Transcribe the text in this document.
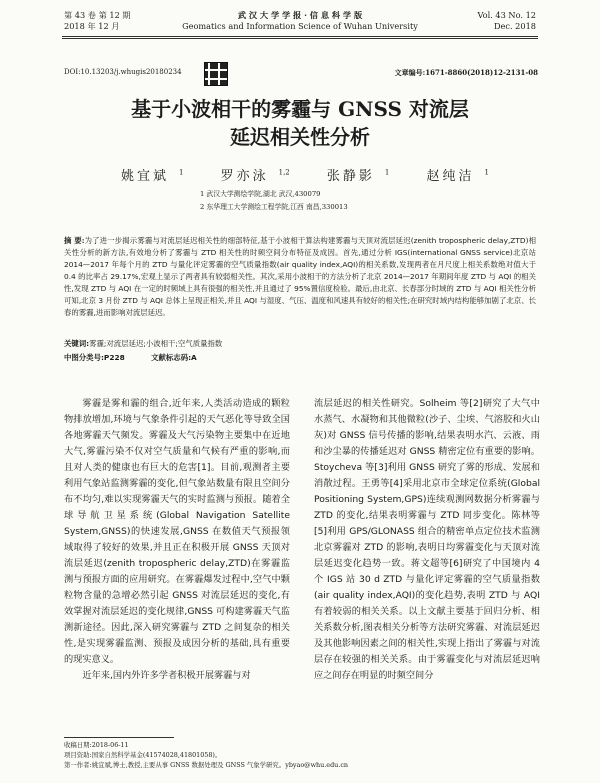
第 43 卷 第 12 期
2018 年 12 月
武 汉 大 学 学 报 · 信 息 科 学 版
Geomatics and Information Science of Wuhan University
Vol. 43 No. 12
Dec. 2018
DOI:10.13203/j.whugis20180234	文章编号:1671-8860(2018)12-2131-08
基于小波相干的雾霾与 GNSS 对流层
延迟相关性分析
姚宜斌 $^1$	罗亦泳 $^{1,2}$	张静影 $^1$	赵纯洁 $^1$
1 武汉大学测绘学院,湖北 武汉,430079
2 东华理工大学测绘工程学院,江西 南昌,330013
摘 要:为了进一步揭示雾霾与对流层延迟相关性的细部特征,基于小波相干算法构建雾霾与天顶对流层延迟(zenith tropospheric delay,ZTD)相关性分析的新方法,有效地分析了雾霾与 ZTD 相关性的时频空间分布特征及成因。首先,通过分析 IGS(international GNSS service)北京站 2014—2017 年每个月的 ZTD 与量化评定雾霾的空气质量指数(air quality index,AQI)的相关系数,发现两者在月尺度上相关系数绝对值大于 0.4 的比率占 29.17%,宏观上显示了两者具有较弱相关性。其次,采用小波相干的方法分析了北京 2014—2017 年期间年度 ZTD 与 AQI 的相关性,发现 ZTD 与 AQI 在一定的时频域上具有很强的相关性,并且通过了 95%置信度检验。最后,由北京、长春部分时域的 ZTD 与 AQI 相关性分析可知,北京 3 月份 ZTD 与 AQI 总体上呈现正相关,并且 AQI 与湿度、气压、温度和风速具有较好的相关性;在研究时域内结构能够加剧了北京、长春的雾霾,进而影响对流层延迟。
关键词:雾霾;对流层延迟;小波相干;空气质量指数
中图分类号:P228	文献标志码:A

雾霾是雾和霾的组合,近年来,人类活动造成的颗粒物排放增加,环境与气象条件引起的天气恶化等导致全国各地雾霾天气频发。雾霾及大气污染物主要集中在近地大气,雾霾污染不仅对空气质量和气候有严重的影响,而且对人类的健康也有巨大的危害[1]。目前,观测者主要利用气象站监测雾霾的变化,但气象站数量有限且空间分布不均匀,难以实现雾霾天气的实时监测与预报。随着全球导航卫星系统(Global Navigation Satellite System,GNSS)的快速发展,GNSS 在数值天气预报领域取得了较好的效果,并且正在积极开展 GNSS 天顶对流层延迟(zenith tropospheric delay,ZTD)在雾霾监测与预报方面的应用研究。在雾霾爆发过程中,空气中颗粒物含量的急增必然引起 GNSS 对流层延迟的变化,有效掌握对流层延迟的变化规律,GNSS 可构建雾霾天气监测新途径。因此,深入研究雾霾与 ZTD 之间复杂的相关性,是实现雾霾监测、预报及成因分析的基础,具有重要的现实意义。

近年来,国内外许多学者积极开展雾霾与对

流层延迟的相关性研究。Solheim 等[2]研究了大气中水蒸气、水凝物和其他微粒(沙子、尘埃、气溶胶和火山灰)对 GNSS 信号传播的影响,结果表明水汽、云液、雨和沙尘暴的传播延迟对 GNSS 精密定位有重要的影响。Stoycheva 等[3]利用 GNSS 研究了雾的形成、发展和消散过程。王勇等[4]采用北京市全球定位系统(Global Positioning System,GPS)连续观测网数据分析雾霾与 ZTD 的变化,结果表明雾霾与 ZTD 同步变化。陈林等[5]利用 GPS/GLONASS 组合的精密单点定位技术监测北京雾霾对 ZTD 的影响,表明日均雾霾变化与天顶对流层延迟变化趋势一致。蒋文超等[6]研究了中国境内 4 个 IGS 站 30 d ZTD 与量化评定雾霾的空气质量指数(air quality index,AQI)的变化趋势,表明 ZTD 与 AQI 有着较弱的相关关系。以上文献主要基于回归分析、相关系数分析,图表相关分析等方法研究雾霾、对流层延迟及其他影响因素之间的相关性,实现上指出了雾霾与对流层存在较强的相关关系。由于雾霾变化与对流层延迟响应之间存在明显的时频空间分

收稿日期:2018-06-11
项目资助:国家自然科学基金(41574028,41801058)。
第一作者:姚宜斌,博士,教授,主要从事 GNSS 数据处理及 GNSS 气象学研究。ybyao@whu.edu.cn
